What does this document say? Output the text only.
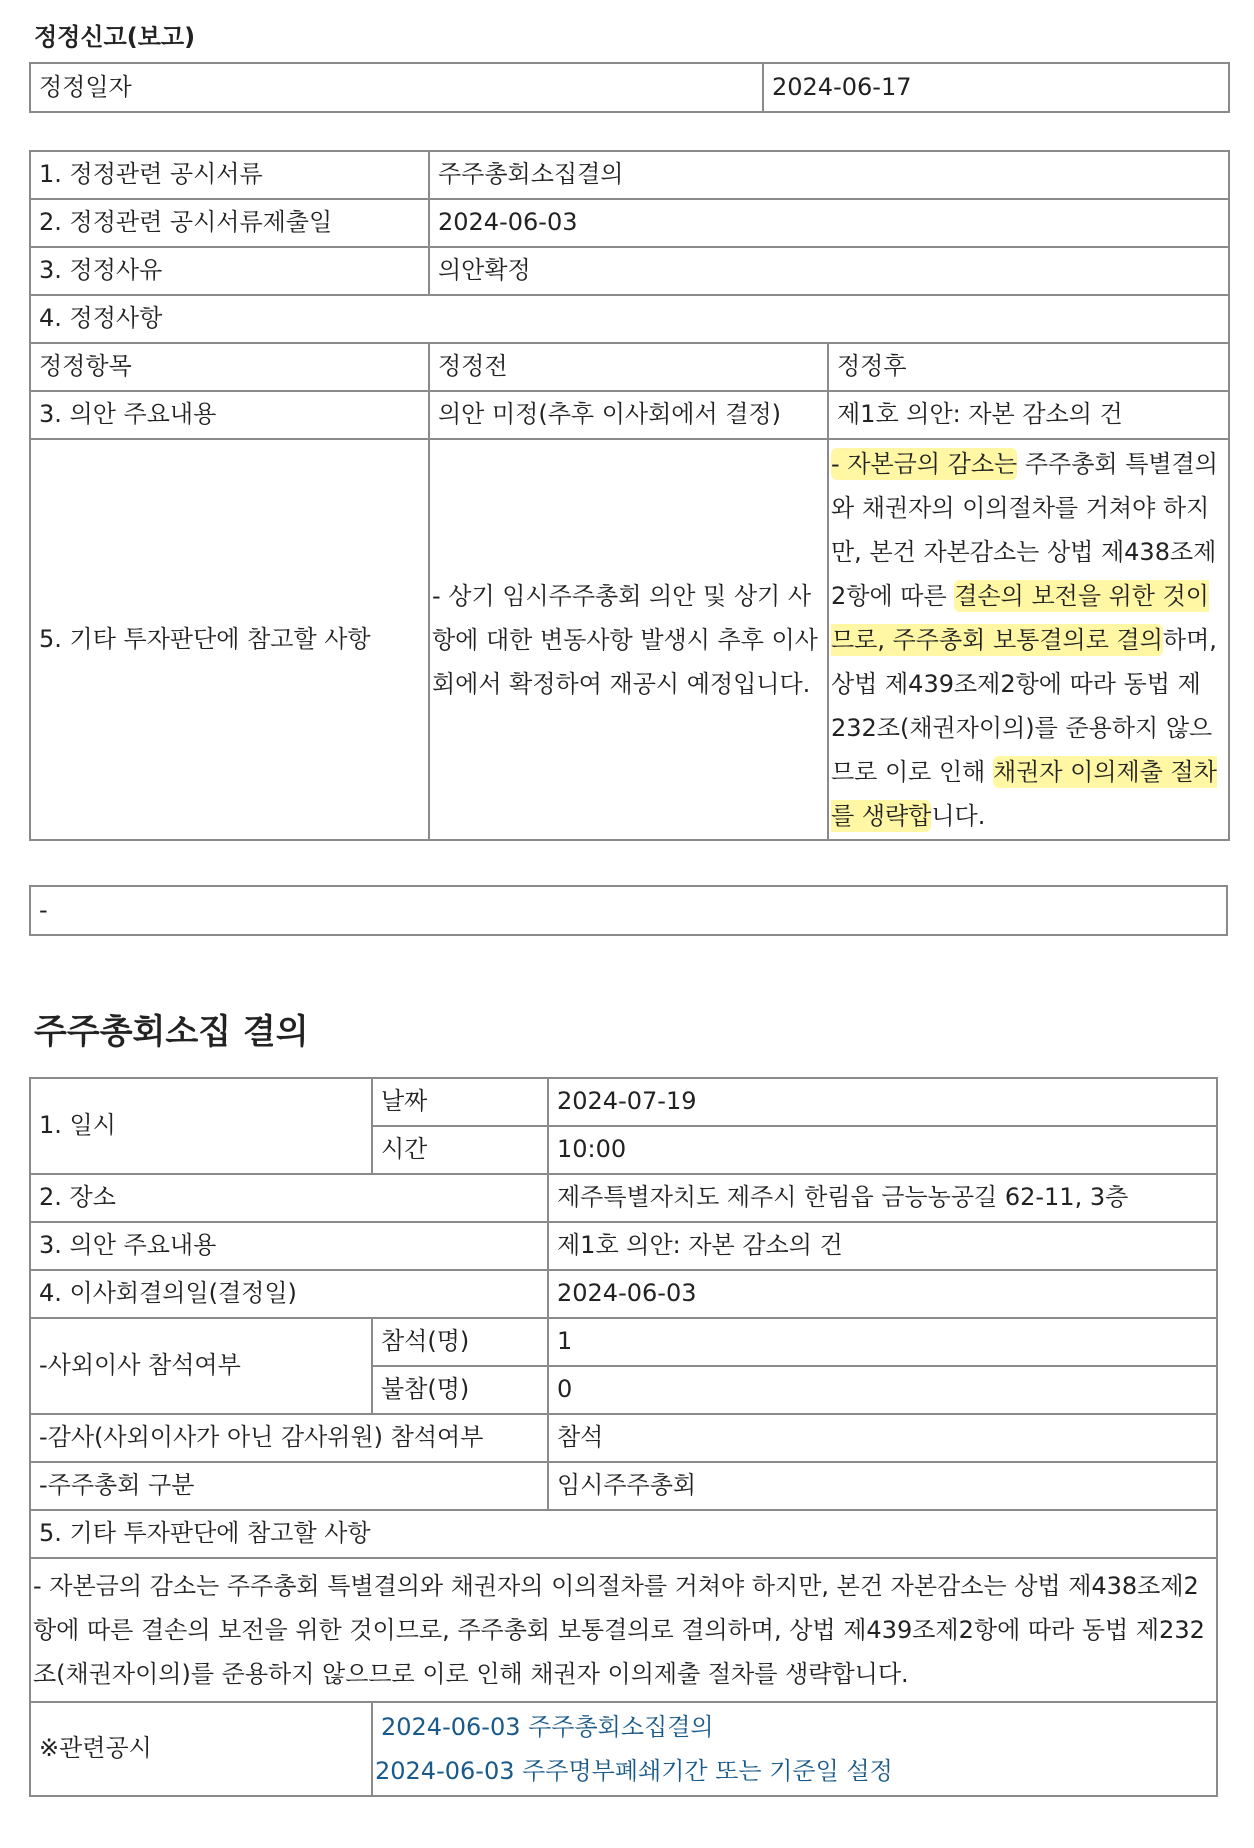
정정신고(보고)
정정일자	2024-06-17
1. 정정관련 공시서류	주주총회소집결의	
2. 정정관련 공시서류제출일	2024-06-03	
3. 정정사유	의안확정	
4. 정정사항		
정정항목	정정전	정정후
3. 의안 주요내용	의안 미정(추후 이사회에서 결정)	제1호 의안: 자본 감소의 건
5. 기타 투자판단에 참고할 사항	- 상기 임시주주총회 의안 및 상기 사항에 대한 변동사항 발생시 추후 이사회에서 확정하여 재공시 예정입니다.	- 자본금의 감소는 주주총회 특별결의와 채권자의 이의절차를 거쳐야 하지만, 본건 자본감소는 상법 제438조제2항에 따른 결손의 보전을 위한 것이므로, 주주총회 보통결의로 결의하며, 상법 제439조제2항에 따라 동법 제232조(채권자이의)를 준용하지 않으므로 이로 인해 채권자 이의제출 절차를 생략합니다.
-
주주총회소집 결의
1. 일시	날짜	2024-07-19
	시간	10:00
2. 장소		제주특별자치도 제주시 한림읍 금능농공길 62-11, 3층
3. 의안 주요내용		제1호 의안: 자본 감소의 건
4. 이사회결의일(결정일)		2024-06-03
-사외이사 참석여부	참석(명)	1
	불참(명)	0
-감사(사외이사가 아닌 감사위원) 참석여부		참석
-주주총회 구분		임시주주총회
5. 기타 투자판단에 참고할 사항		
- 자본금의 감소는 주주총회 특별결의와 채권자의 이의절차를 거쳐야 하지만, 본건 자본감소는 상법 제438조제2항에 따른 결손의 보전을 위한 것이므로, 주주총회 보통결의로 결의하며, 상법 제439조제2항에 따라 동법 제232조(채권자이의)를 준용하지 않으므로 이로 인해 채권자 이의제출 절차를 생략합니다.		
※관련공시	2024-06-03 주주총회소집결의
2024-06-03 주주명부폐쇄기간 또는 기준일 설정	
